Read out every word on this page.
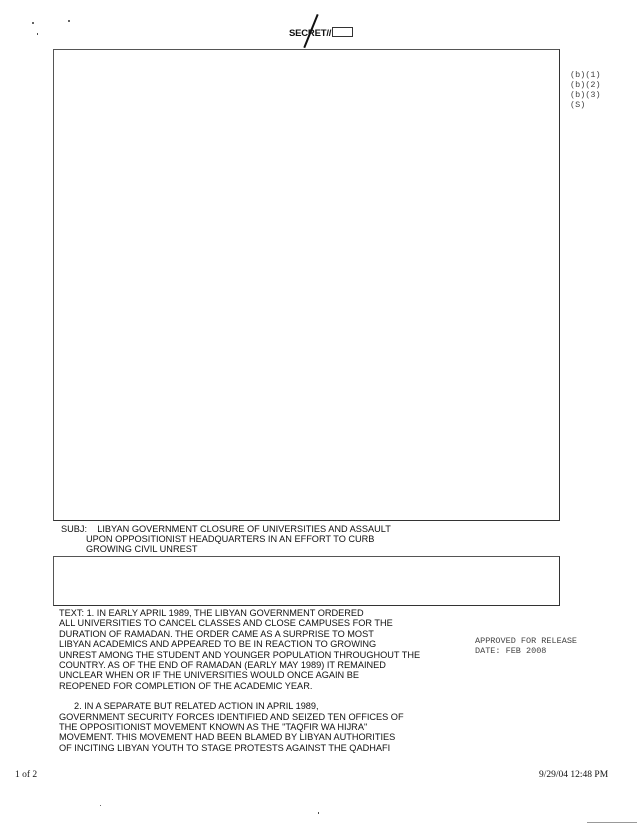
SECRET//
. . . . . . . . . . . . . . . . . . . . . . . . . . . . . . . . . . . . . . .
(b)(1)
(b)(2)
(b)(3)
(S)
SUBJ: LIBYAN GOVERNMENT CLOSURE OF UNIVERSITIES AND ASSAULT
UPON OPPOSITIONIST HEADQUARTERS IN AN EFFORT TO CURB
GROWING CIVIL UNREST

TEXT: 1. IN EARLY APRIL 1989, THE LIBYAN GOVERNMENT ORDERED
ALL UNIVERSITIES TO CANCEL CLASSES AND CLOSE CAMPUSES FOR THE
DURATION OF RAMADAN. THE ORDER CAME AS A SURPRISE TO MOST
LIBYAN ACADEMICS AND APPEARED TO BE IN REACTION TO GROWING
UNREST AMONG THE STUDENT AND YOUNGER POPULATION THROUGHOUT THE
COUNTRY. AS OF THE END OF RAMADAN (EARLY MAY 1989) IT REMAINED
UNCLEAR WHEN OR IF THE UNIVERSITIES WOULD ONCE AGAIN BE
REOPENED FOR COMPLETION OF THE ACADEMIC YEAR.

2. IN A SEPARATE BUT RELATED ACTION IN APRIL 1989,
GOVERNMENT SECURITY FORCES IDENTIFIED AND SEIZED TEN OFFICES OF
THE OPPOSITIONIST MOVEMENT KNOWN AS THE "TAQFIR WA HIJRA"
MOVEMENT. THIS MOVEMENT HAD BEEN BLAMED BY LIBYAN AUTHORITIES
OF INCITING LIBYAN YOUTH TO STAGE PROTESTS AGAINST THE QADHAFI

APPROVED FOR RELEASE
DATE: FEB 2008
1 of 2	9/29/04 12:48 PM
